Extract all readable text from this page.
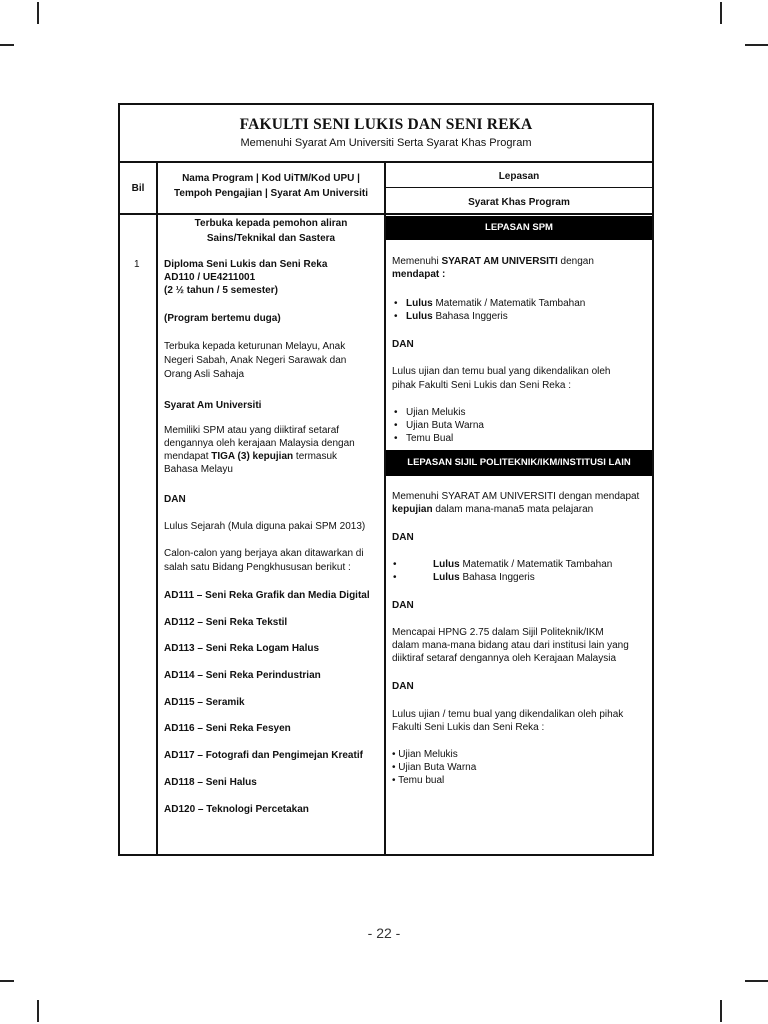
FAKULTI SENI LUKIS DAN SENI REKA
Memenuhi Syarat Am Universiti Serta Syarat Khas Program
Bil
Nama Program | Kod UiTM/Kod UPU |
Tempoh Pengajian | Syarat Am Universiti
Lepasan
Syarat Khas Program
Terbuka kepada pemohon aliran
Sains/Teknikal dan Sastera
1 Diploma Seni Lukis dan Seni Reka
AD110 / UE4211001
(2 ½ tahun / 5 semester)
(Program bertemu duga)
Terbuka kepada keturunan Melayu, Anak
Negeri Sabah, Anak Negeri Sarawak dan
Orang Asli Sahaja
Syarat Am Universiti
Memiliki SPM atau yang diiktiraf setaraf
dengannya oleh kerajaan Malaysia dengan
mendapat TIGA (3) kepujian termasuk
Bahasa Melayu
DAN
Lulus Sejarah (Mula diguna pakai SPM 2013)
Calon-calon yang berjaya akan ditawarkan di
salah satu Bidang Pengkhususan berikut :
AD111 – Seni Reka Grafik dan Media Digital
AD112 – Seni Reka Tekstil
AD113 – Seni Reka Logam Halus
AD114 – Seni Reka Perindustrian
AD115 – Seramik
AD116 – Seni Reka Fesyen
AD117 – Fotografi dan Pengimejan Kreatif
AD118 – Seni Halus
AD120 – Teknologi Percetakan
LEPASAN SPM
Memenuhi SYARAT AM UNIVERSITI dengan
mendapat :
• Lulus Matematik / Matematik Tambahan
• Lulus Bahasa Inggeris
DAN
Lulus ujian dan temu bual yang dikendalikan oleh
pihak Fakulti Seni Lukis dan Seni Reka :
• Ujian Melukis
• Ujian Buta Warna
• Temu Bual
LEPASAN SIJIL POLITEKNIK/IKM/INSTITUSI LAIN
Memenuhi SYARAT AM UNIVERSITI dengan mendapat
kepujian dalam mana-mana5 mata pelajaran
DAN
•	Lulus Matematik / Matematik Tambahan
•	Lulus Bahasa Inggeris
DAN
Mencapai HPNG 2.75 dalam Sijil Politeknik/IKM
dalam mana-mana bidang atau dari institusi lain yang
diiktiraf setaraf dengannya oleh Kerajaan Malaysia
DAN
Lulus ujian / temu bual yang dikendalikan oleh pihak
Fakulti Seni Lukis dan Seni Reka :
• Ujian Melukis
• Ujian Buta Warna
• Temu bual
- 22 -
